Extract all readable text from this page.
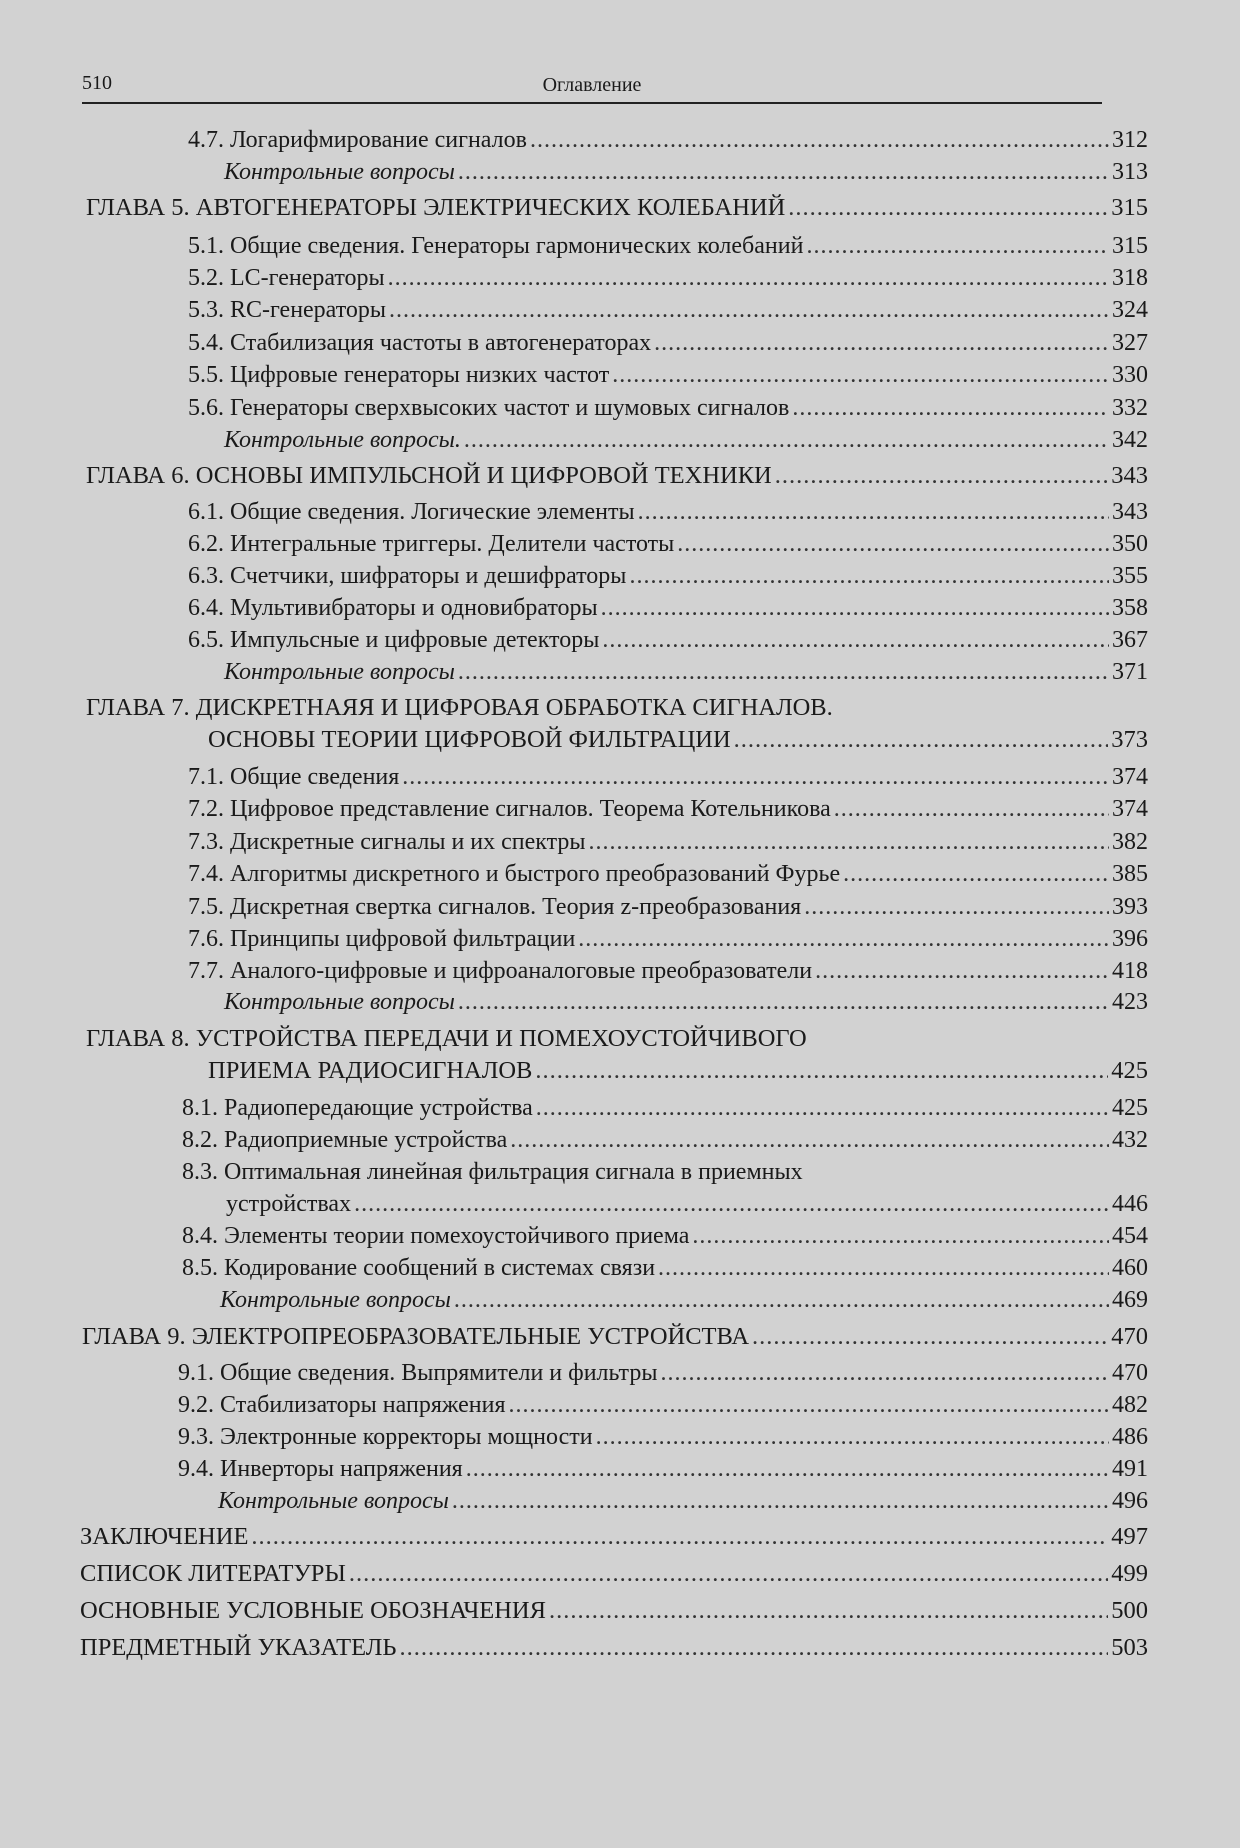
510	Оглавление
4.7. Логарифмирование сигналов .....	312
Контрольные вопросы .....	313
ГЛАВА 5. АВТОГЕНЕРАТОРЫ ЭЛЕКТРИЧЕСКИХ КОЛЕБАНИЙ .....	315
5.1. Общие сведения. Генераторы гармонических колебаний .....	315
5.2. LC-генераторы .....	318
5.3. RC-генераторы .....	324
5.4. Стабилизация частоты в автогенераторах .....	327
5.5. Цифровые генераторы низких частот .....	330
5.6. Генераторы сверхвысоких частот и шумовых сигналов .....	332
Контрольные вопросы. .....	342
ГЛАВА 6. ОСНОВЫ ИМПУЛЬСНОЙ И ЦИФРОВОЙ ТЕХНИКИ .....	343
6.1. Общие сведения. Логические элементы .....	343
6.2. Интегральные триггеры. Делители частоты .....	350
6.3. Счетчики, шифраторы и дешифраторы .....	355
6.4. Мультивибраторы и одновибраторы .....	358
6.5. Импульсные и цифровые детекторы .....	367
Контрольные вопросы .....	371
ГЛАВА 7. ДИСКРЕТНАЯЯ И ЦИФРОВАЯ ОБРАБОТКА СИГНАЛОВ.
ОСНОВЫ ТЕОРИИ ЦИФРОВОЙ ФИЛЬТРАЦИИ .....	373
7.1. Общие сведения .....	374
7.2. Цифровое представление сигналов. Теорема Котельникова .....	374
7.3. Дискретные сигналы и их спектры .....	382
7.4. Алгоритмы дискретного и быстрого преобразований Фурье .....	385
7.5. Дискретная свертка сигналов. Теория z-преобразования .....	393
7.6. Принципы цифровой фильтрации .....	396
7.7. Аналого-цифровые и цифроаналоговые преобразователи .....	418
Контрольные вопросы .....	423
ГЛАВА 8. УСТРОЙСТВА ПЕРЕДАЧИ И ПОМЕХОУСТОЙЧИВОГО
ПРИЕМА РАДИОСИГНАЛОВ .....	425
8.1. Радиопередающие устройства .....	425
8.2. Радиоприемные устройства .....	432
8.3. Оптимальная линейная фильтрация сигнала в приемных
устройствах .....	446
8.4. Элементы теории помехоустойчивого приема .....	454
8.5. Кодирование сообщений в системах связи .....	460
Контрольные вопросы .....	469
ГЛАВА 9. ЭЛЕКТРОПРЕОБРАЗОВАТЕЛЬНЫЕ УСТРОЙСТВА .....	470
9.1. Общие сведения. Выпрямители и фильтры .....	470
9.2. Стабилизаторы напряжения .....	482
9.3. Электронные корректоры мощности .....	486
9.4. Инверторы напряжения .....	491
Контрольные вопросы .....	496
ЗАКЛЮЧЕНИЕ .....	497
СПИСОК ЛИТЕРАТУРЫ .....	499
ОСНОВНЫЕ УСЛОВНЫЕ ОБОЗНАЧЕНИЯ .....	500
ПРЕДМЕТНЫЙ УКАЗАТЕЛЬ .....	503
